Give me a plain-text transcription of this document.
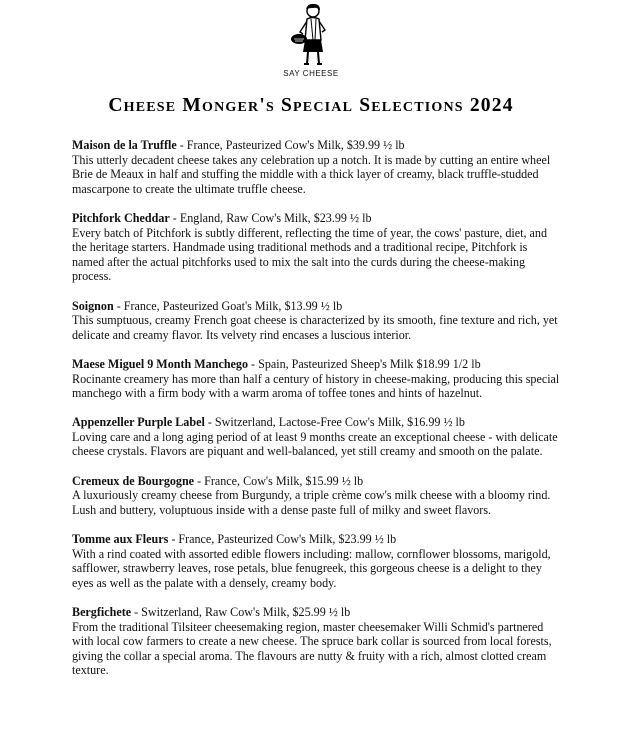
SAY CHEESE
Cheese Monger's Special Selections 2024
Maison de la Truffle - France, Pasteurized Cow's Milk, $39.99 ½ lb
This utterly decadent cheese takes any celebration up a notch. It is made by cutting an entire wheel Brie de Meaux in half and stuffing the middle with a thick layer of creamy, black truffle-studded mascarpone to create the ultimate truffle cheese.
Pitchfork Cheddar - England, Raw Cow's Milk, $23.99 ½ lb
Every batch of Pitchfork is subtly different, reflecting the time of year, the cows' pasture, diet, and the heritage starters. Handmade using traditional methods and a traditional recipe, Pitchfork is named after the actual pitchforks used to mix the salt into the curds during the cheese-making process.
Soignon - France, Pasteurized Goat's Milk, $13.99 ½ lb
This sumptuous, creamy French goat cheese is characterized by its smooth, fine texture and rich, yet delicate and creamy flavor. Its velvety rind encases a luscious interior.
Maese Miguel 9 Month Manchego - Spain, Pasteurized Sheep's Milk $18.99 1/2 lb
Rocinante creamery has more than half a century of history in cheese-making, producing this special manchego with a firm body with a warm aroma of toffee tones and hints of hazelnut.
Appenzeller Purple Label - Switzerland, Lactose-Free Cow's Milk, $16.99 ½ lb
Loving care and a long aging period of at least 9 months create an exceptional cheese - with delicate cheese crystals. Flavors are piquant and well-balanced, yet still creamy and smooth on the palate.
Cremeux de Bourgogne - France, Cow's Milk, $15.99 ½ lb
A luxuriously creamy cheese from Burgundy, a triple crème cow's milk cheese with a bloomy rind. Lush and buttery, voluptuous inside with a dense paste full of milky and sweet flavors.
Tomme aux Fleurs - France, Pasteurized Cow's Milk, $23.99 ½ lb
With a rind coated with assorted edible flowers including: mallow, cornflower blossoms, marigold, safflower, strawberry leaves, rose petals, blue fenugreek, this gorgeous cheese is a delight to they eyes as well as the palate with a densely, creamy body.
Bergfichete - Switzerland, Raw Cow's Milk, $25.99 ½ lb
From the traditional Tilsiteer cheesemaking region, master cheesemaker Willi Schmid's partnered with local cow farmers to create a new cheese. The spruce bark collar is sourced from local forests, giving the collar a special aroma. The flavours are nutty & fruity with a rich, almost clotted cream texture.
